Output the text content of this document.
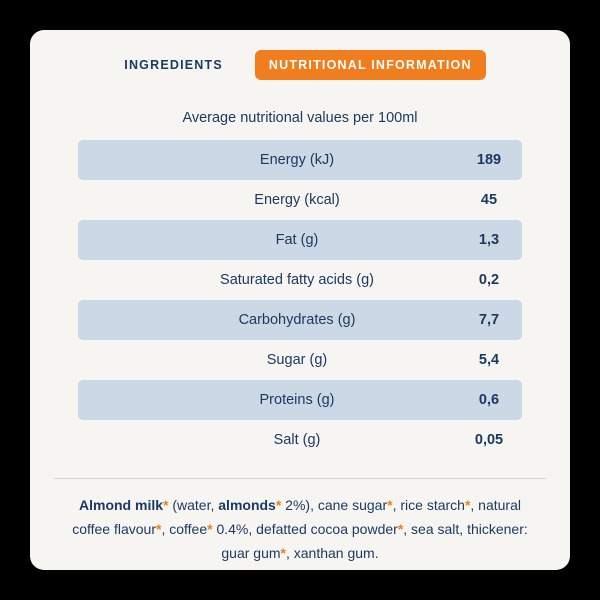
INGREDIENTS	NUTRITIONAL INFORMATION
Average nutritional values per 100ml
Energy (kJ)	189
Energy (kcal)	45
Fat (g)	1,3
Saturated fatty acids (g)	0,2
Carbohydrates (g)	7,7
Sugar (g)	5,4
Proteins (g)	0,6
Salt (g)	0,05
Almond milk* (water, almonds* 2%), cane sugar*, rice starch*, natural coffee flavour*, coffee* 0.4%, defatted cocoa powder*, sea salt, thickener: guar gum*, xanthan gum.
